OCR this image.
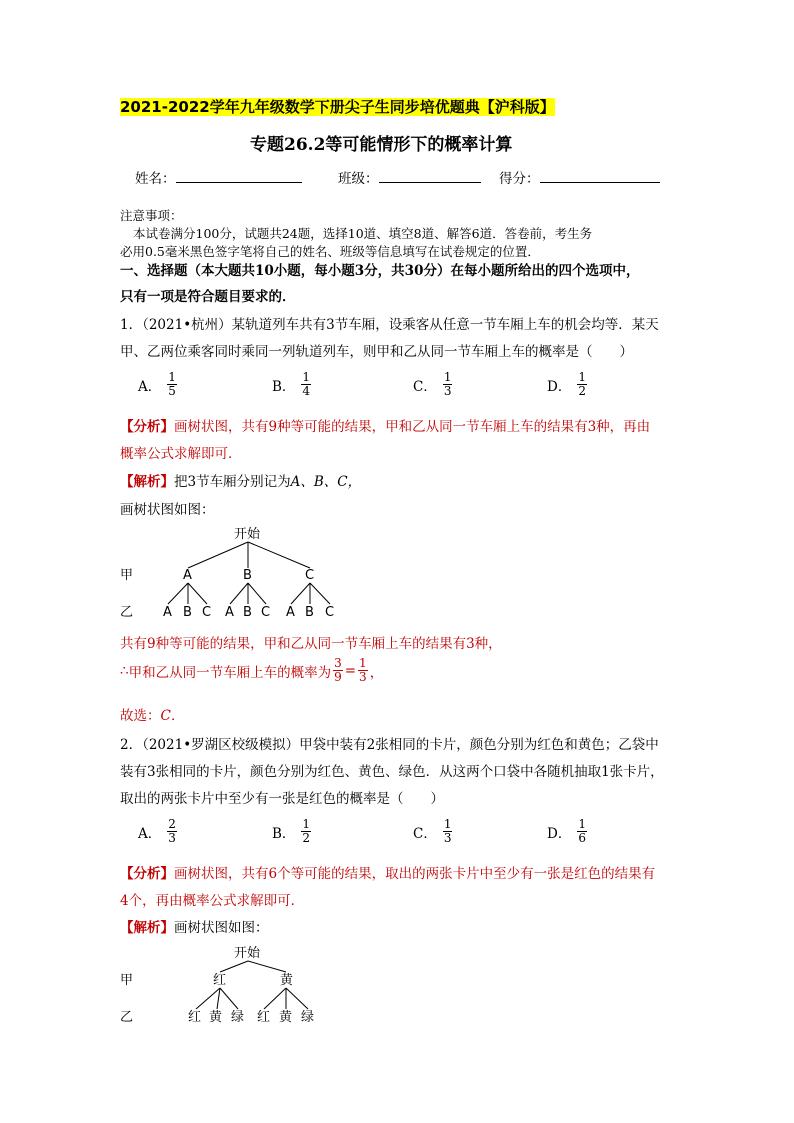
2021-2022学年九年级数学下册尖子生同步培优题典【沪科版】
专题26.2等可能情形下的概率计算
姓名：	班级：	得分：
注意事项：
本试卷满分100分，试题共24题，选择10道、填空8道、解答6道．答卷前，考生务
必用0.5毫米黑色签字笔将自己的姓名、班级等信息填写在试卷规定的位置．
一、选择题（本大题共10小题，每小题3分，共30分）在每小题所给出的四个选项中，
只有一项是符合题目要求的．
1．（2021•杭州）某轨道列车共有3节车厢，设乘客从任意一节车厢上车的机会均等．某天
甲、乙两位乘客同时乘同一列轨道列车，则甲和乙从同一节车厢上车的概率是（　　）
A． $\frac{1}{5}$	B． $\frac{1}{4}$	C． $\frac{1}{3}$	D． $\frac{1}{2}$
【分析】画树状图，共有9种等可能的结果，甲和乙从同一节车厢上车的结果有3种，再由
概率公式求解即可．
【解析】把3节车厢分别记为A、B、C，
画树状图如图：
开始
甲	A	B	C
乙 A B C A B C A B C
共有9种等可能的结果，甲和乙从同一节车厢上车的结果有3种，
∴ 甲和乙从同一节车厢上车的概率为 $\frac{3}{9} = \frac{1}{3}$ ，
故选：C．
2．（2021•罗湖区校级模拟）甲袋中装有2张相同的卡片，颜色分别为红色和黄色；乙袋中
装有3张相同的卡片，颜色分别为红色、黄色、绿色．从这两个口袋中各随机抽取1张卡片，
取出的两张卡片中至少有一张是红色的概率是（　　）
A． $\frac{2}{3}$	B． $\frac{1}{2}$	C． $\frac{1}{3}$	D． $\frac{1}{6}$
【分析】画树状图，共有6个等可能的结果，取出的两张卡片中至少有一张是红色的结果有
4个，再由概率公式求解即可．
【解析】画树状图如图：
开始
甲	红	黄
乙	红 黄 绿 红 黄 绿
